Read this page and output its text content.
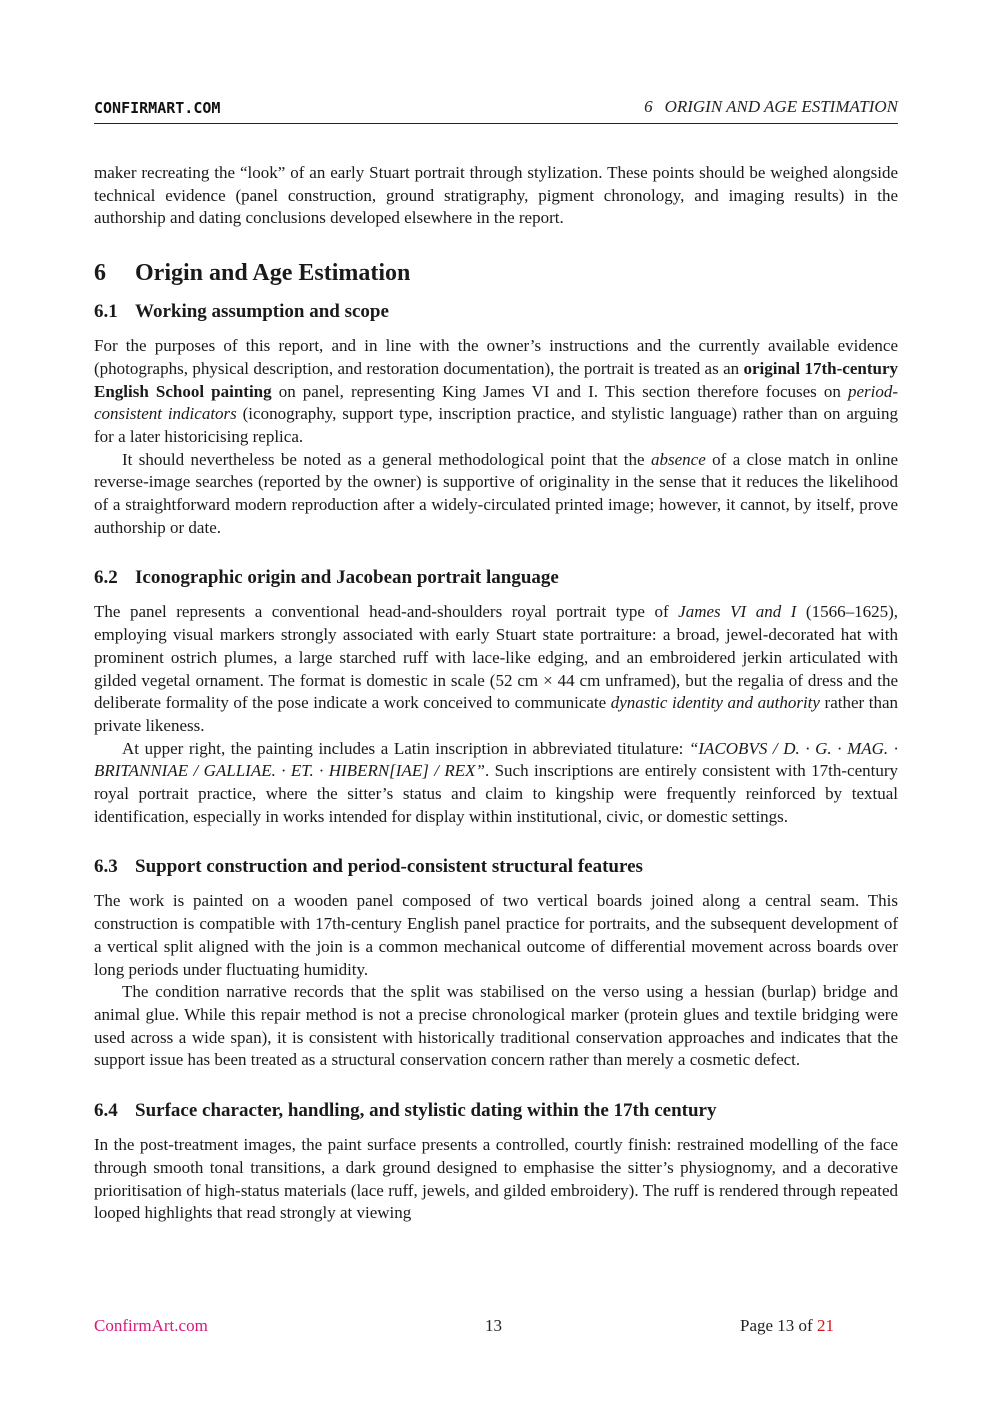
CONFIRMART.COM	6 ORIGIN AND AGE ESTIMATION

maker recreating the “look” of an early Stuart portrait through stylization. These points should be weighed alongside technical evidence (panel construction, ground stratigraphy, pigment chronology, and imaging results) in the authorship and dating conclusions developed elsewhere in the report.

6 Origin and Age Estimation
6.1 Working assumption and scope

For the purposes of this report, and in line with the owner’s instructions and the currently available evidence (photographs, physical description, and restoration documentation), the portrait is treated as an original 17th-century English School painting on panel, representing King James VI and I. This section therefore focuses on period-consistent indicators (iconography, support type, inscription practice, and stylistic language) rather than on arguing for a later historicising replica.

It should nevertheless be noted as a general methodological point that the absence of a close match in online reverse-image searches (reported by the owner) is supportive of originality in the sense that it reduces the likelihood of a straightforward modern reproduction after a widely-circulated printed image; however, it cannot, by itself, prove authorship or date.

6.2 Iconographic origin and Jacobean portrait language

The panel represents a conventional head-and-shoulders royal portrait type of James VI and I (1566–1625), employing visual markers strongly associated with early Stuart state portraiture: a broad, jewel-decorated hat with prominent ostrich plumes, a large starched ruff with lace-like edging, and an embroidered jerkin articulated with gilded vegetal ornament. The format is domestic in scale (52 cm × 44 cm unframed), but the regalia of dress and the deliberate formality of the pose indicate a work conceived to communicate dynastic identity and authority rather than private likeness.

At upper right, the painting includes a Latin inscription in abbreviated titulature: “IACOBVS / D. · G. · MAG. · BRITANNIAE / GALLIAE. · ET. · HIBERN[IAE] / REX”. Such inscriptions are entirely consistent with 17th-century royal portrait practice, where the sitter’s status and claim to kingship were frequently reinforced by textual identification, especially in works intended for display within institutional, civic, or domestic settings.

6.3 Support construction and period-consistent structural features

The work is painted on a wooden panel composed of two vertical boards joined along a central seam. This construction is compatible with 17th-century English panel practice for portraits, and the subsequent development of a vertical split aligned with the join is a common mechanical outcome of differential movement across boards over long periods under fluctuating humidity.

The condition narrative records that the split was stabilised on the verso using a hessian (burlap) bridge and animal glue. While this repair method is not a precise chronological marker (protein glues and textile bridging were used across a wide span), it is consistent with historically traditional conservation approaches and indicates that the support issue has been treated as a structural conservation concern rather than merely a cosmetic defect.

6.4 Surface character, handling, and stylistic dating within the 17th century

In the post-treatment images, the paint surface presents a controlled, courtly finish: restrained modelling of the face through smooth tonal transitions, a dark ground designed to emphasise the sitter’s physiognomy, and a decorative prioritisation of high-status materials (lace ruff, jewels, and gilded embroidery). The ruff is rendered through repeated looped highlights that read strongly at viewing

ConfirmArt.com	13	Page 13 of 21
